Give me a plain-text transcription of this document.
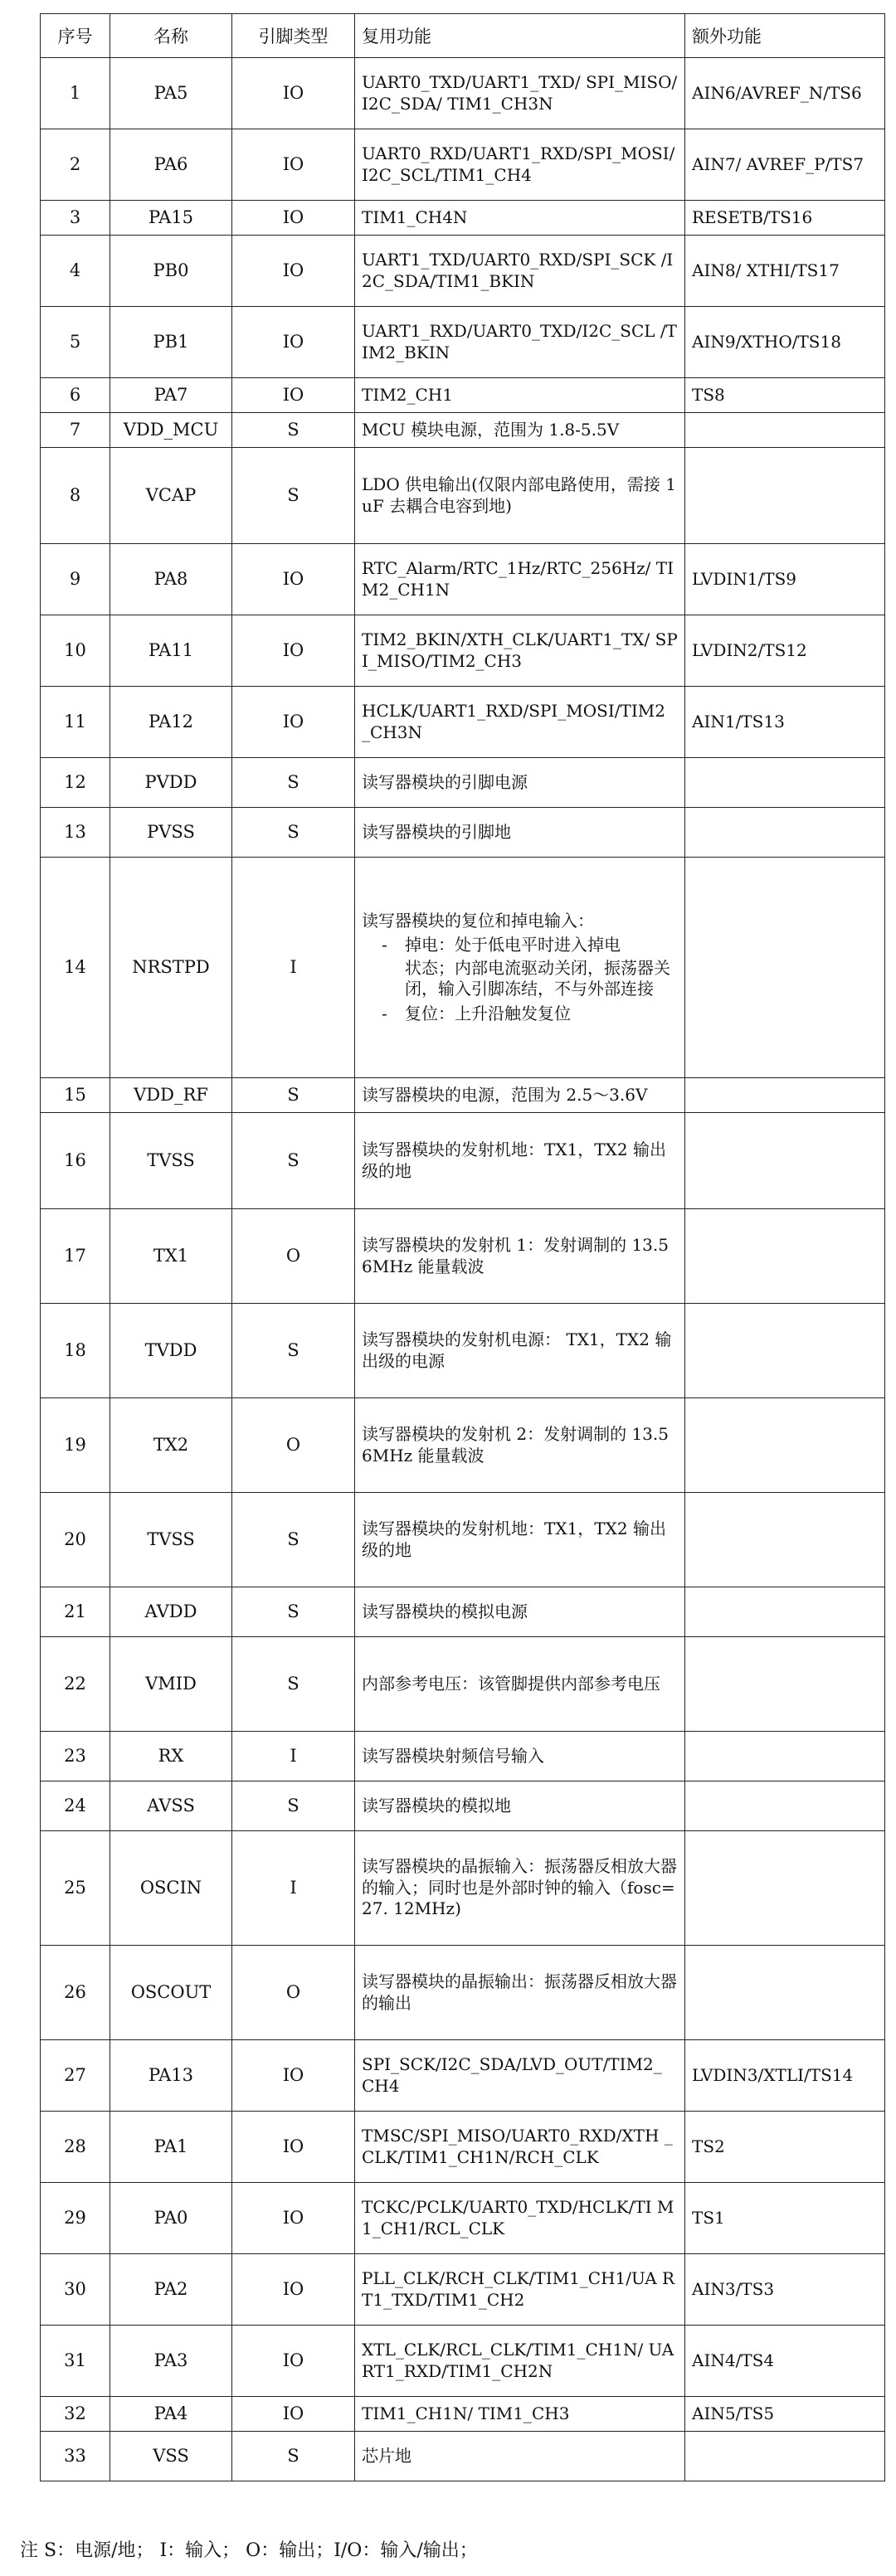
序号	名称	引脚类型	复用功能	额外功能
1	PA5	IO	UART0_TXD/UART1_TXD/ SPI_MISO/ I2C_SDA/ TIM1_CH3N	AIN6/AVREF_N/TS6
2	PA6	IO	UART0_RXD/UART1_RXD/SPI_MOSI/I2C_SCL/TIM1_CH4	AIN7/ AVREF_P/TS7
3	PA15	IO	TIM1_CH4N	RESETB/TS16
4	PB0	IO	UART1_TXD/UART0_RXD/SPI_SCK /I2C_SDA/TIM1_BKIN	AIN8/ XTHI/TS17
5	PB1	IO	UART1_RXD/UART0_TXD/I2C_SCL /TIM2_BKIN	AIN9/XTHO/TS18
6	PA7	IO	TIM2_CH1	TS8
7	VDD_MCU	S	MCU 模块电源，范围为 1.8-5.5V	
8	VCAP	S	LDO 供电输出(仅限内部电路使用，需接 1uF 去耦合电容到地)	
9	PA8	IO	RTC_Alarm/RTC_1Hz/RTC_256Hz/ TIM2_CH1N	LVDIN1/TS9
10	PA11	IO	TIM2_BKIN/XTH_CLK/UART1_TX/ SPI_MISO/TIM2_CH3	LVDIN2/TS12
11	PA12	IO	HCLK/UART1_RXD/SPI_MOSI/TIM2 _CH3N	AIN1/TS13
12	PVDD	S	读写器模块的引脚电源	
13	PVSS	S	读写器模块的引脚地	
14	NRSTPD	I	读写器模块的复位和掉电输入：
- 掉电：处于低电平时进入掉电
状态；内部电流驱动关闭，振荡器关闭，输入引脚冻结，不与外部连接
- 复位：上升沿触发复位

15	VDD_RF	S	读写器模块的电源，范围为 2.5～3.6V	
16	TVSS	S	读写器模块的发射机地：TX1，TX2 输出级的地	
17	TX1	O	读写器模块的发射机 1：发射调制的 13.56MHz 能量载波	
18	TVDD	S	读写器模块的发射机电源： TX1，TX2 输出级的电源	
19	TX2	O	读写器模块的发射机 2：发射调制的 13.56MHz 能量载波	
20	TVSS	S	读写器模块的发射机地：TX1，TX2 输出级的地	
21	AVDD	S	读写器模块的模拟电源	
22	VMID	S	内部参考电压：该管脚提供内部参考电压	
23	RX	I	读写器模块射频信号输入	
24	AVSS	S	读写器模块的模拟地	
25	OSCIN	I	读写器模块的晶振输入：振荡器反相放大器的输入；同时也是外部时钟的输入（fosc=27. 12MHz)	
26	OSCOUT	O	读写器模块的晶振输出：振荡器反相放大器的输出	
27	PA13	IO	SPI_SCK/I2C_SDA/LVD_OUT/TIM2_ CH4	LVDIN3/XTLI/TS14
28	PA1	IO	TMSC/SPI_MISO/UART0_RXD/XTH _CLK/TIM1_CH1N/RCH_CLK	TS2
29	PA0	IO	TCKC/PCLK/UART0_TXD/HCLK/TI M1_CH1/RCL_CLK	TS1
30	PA2	IO	PLL_CLK/RCH_CLK/TIM1_CH1/UA RT1_TXD/TIM1_CH2	AIN3/TS3
31	PA3	IO	XTL_CLK/RCL_CLK/TIM1_CH1N/ UART1_RXD/TIM1_CH2N	AIN4/TS4
32	PA4	IO	TIM1_CH1N/ TIM1_CH3	AIN5/TS5
33	VSS	S	芯片地	
注 S：电源/地； I：输入； O：输出；I/O：输入/输出；
